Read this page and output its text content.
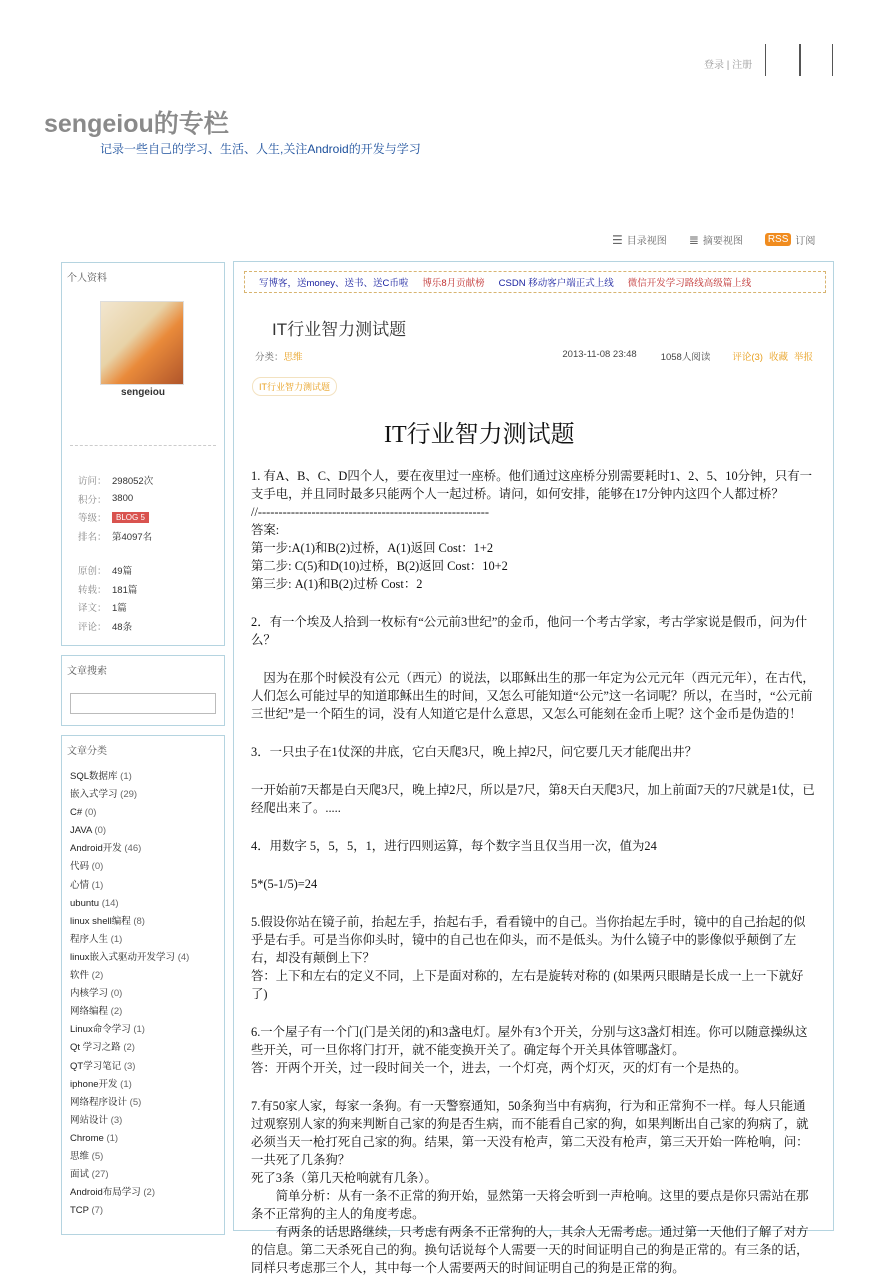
登录 | 注册
sengeiou的专栏
记录一些自己的学习、生活、人生,关注Android的开发与学习
☰ 目录视图 ≣ 摘要视图	RSS 订阅
个人资料
sengeiou
访问： 298052次
积分： 3800
等级：	BLOG 5
排名： 第4097名
原创： 49篇
转载： 181篇
译文： 1篇
评论： 48条
文章搜索
文章分类
SQL数据库 (1)
嵌入式学习 (29)
C# (0)
JAVA (0)
Android开发 (46)
代码 (0)
心情 (1)
ubuntu (14)
linux shell编程 (8)
程序人生 (1)
linux嵌入式驱动开发学习 (4)
软件 (2)
内核学习 (0)
网络编程 (2)
Linux命令学习 (1)
Qt 学习之路 (2)
QT学习笔记 (3)
iphone开发 (1)
网络程序设计 (5)
网站设计 (3)
Chrome (1)
思维 (5)
面试 (27)
Android布局学习 (2)
TCP (7)
写博客，送money、送书、送C币啦 博乐8月贡献榜 CSDN 移动客户端正式上线 微信开发学习路线高级篇上线
IT行业智力测试题
分类：思维	2013-11-08 23:48	1058人阅读 评论(3) 收藏 举报
IT行业智力测试题
IT行业智力测试题

1. 有A、B、C、D四个人，要在夜里过一座桥。他们通过这座桥分别需要耗时1、2、5、10分钟，只有一支手电，并且同时最多只能两个人一起过桥。请问，如何安排，能够在17分钟内这四个人都过桥？

//--------------------------------------------------------

答案:

第一步:A(1)和B(2)过桥，A(1)返回 Cost：1+2

第二步: C(5)和D(10)过桥，B(2)返回 Cost：10+2

第三步: A(1)和B(2)过桥 Cost：2

2．有一个埃及人拾到一枚标有“公元前3世纪”的金币，他问一个考古学家，考古学家说是假币，问为什么？

　因为在那个时候没有公元（西元）的说法，以耶稣出生的那一年定为公元元年（西元元年），在古代，人们怎么可能过早的知道耶稣出生的时间，又怎么可能知道“公元”这一名词呢？所以，在当时，“公元前三世纪”是一个陌生的词，没有人知道它是什么意思，又怎么可能刻在金币上呢？这个金币是伪造的！

3．一只虫子在1仗深的井底，它白天爬3尺，晚上掉2尺，问它要几天才能爬出井？

一开始前7天都是白天爬3尺，晚上掉2尺，所以是7尺，第8天白天爬3尺，加上前面7天的7尺就是1仗，已经爬出来了。.....

4．用数字 5，5，5，1，进行四则运算，每个数字当且仅当用一次，值为24

5*(5-1/5)=24

5.假设你站在镜子前，抬起左手，抬起右手，看看镜中的自己。当你抬起左手时，镜中的自己抬起的似乎是右手。可是当你仰头时，镜中的自己也在仰头，而不是低头。为什么镜子中的影像似乎颠倒了左右，却没有颠倒上下？

答：上下和左右的定义不同，上下是面对称的，左右是旋转对称的 (如果两只眼睛是长成一上一下就好了)

6.一个屋子有一个门(门是关闭的)和3盏电灯。屋外有3个开关，分别与这3盏灯相连。你可以随意操纵这些开关，可一旦你将门打开，就不能变换开关了。确定每个开关具体管哪盏灯。

答：开两个开关，过一段时间关一个，进去，一个灯亮，两个灯灭，灭的灯有一个是热的。

7.有50家人家，每家一条狗。有一天警察通知，50条狗当中有病狗，行为和正常狗不一样。每人只能通过观察别人家的狗来判断自己家的狗是否生病，而不能看自己家的狗，如果判断出自己家的狗病了，就必须当天一枪打死自己家的狗。结果，第一天没有枪声，第二天没有枪声，第三天开始一阵枪响，问：一共死了几条狗？

死了3条（第几天枪响就有几条）。

　　简单分析：从有一条不正常的狗开始，显然第一天将会听到一声枪响。这里的要点是你只需站在那条不正常狗的主人的角度考虑。

　　有两条的话思路继续，只考虑有两条不正常狗的人，其余人无需考虑。通过第一天他们了解了对方的信息。第二天杀死自己的狗。换句话说每个人需要一天的时间证明自己的狗是正常的。有三条的话，同样只考虑那三个人，其中每一个人需要两天的时间证明自己的狗是正常的狗。
